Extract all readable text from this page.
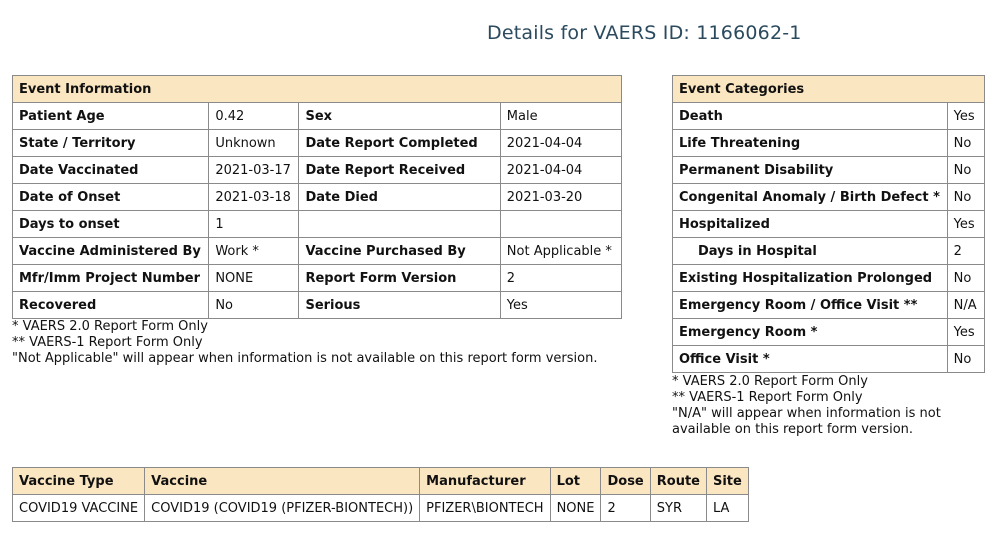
Details for VAERS ID: 1166062-1
Event Information			
Patient Age	0.42	Sex	Male
State / Territory	Unknown	Date Report Completed	2021-04-04
Date Vaccinated	2021-03-17	Date Report Received	2021-04-04
Date of Onset	2021-03-18	Date Died	2021-03-20
Days to onset	1		
Vaccine Administered By	Work *	Vaccine Purchased By	Not Applicable *
Mfr/Imm Project Number	NONE	Report Form Version	2
Recovered	No	Serious	Yes
* VAERS 2.0 Report Form Only
** VAERS-1 Report Form Only
"Not Applicable" will appear when information is not available on this report form version.
Event Categories	
Death	Yes
Life Threatening	No
Permanent Disability	No
Congenital Anomaly / Birth Defect *	No
Hospitalized	Yes
Days in Hospital	2
Existing Hospitalization Prolonged	No
Emergency Room / Office Visit **	N/A
Emergency Room *	Yes
Office Visit *	No
* VAERS 2.0 Report Form Only
** VAERS-1 Report Form Only
"N/A" will appear when information is not
available on this report form version.
Vaccine Type	Vaccine	Manufacturer	Lot	Dose	Route	Site
COVID19 VACCINE	COVID19 (COVID19 (PFIZER-BIONTECH))	PFIZER\BIONTECH	NONE	2	SYR	LA
